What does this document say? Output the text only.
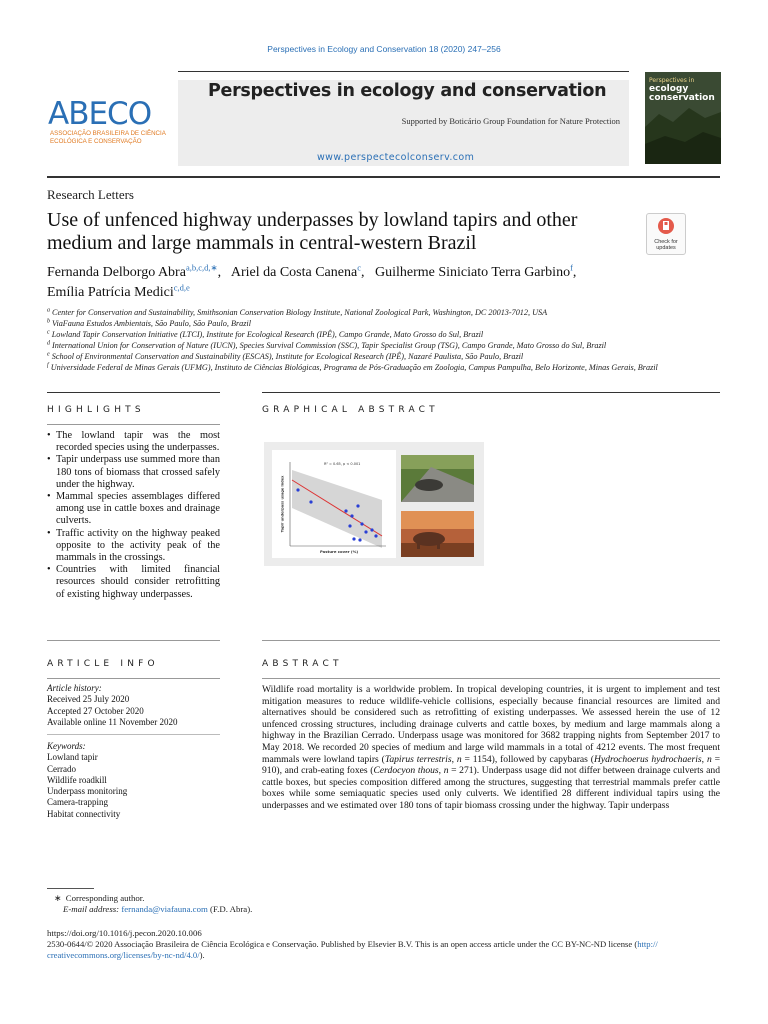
Perspectives in Ecology and Conservation 18 (2020) 247–256
ABECO
ASSOCIAÇÃO BRASILEIRA DE CIÊNCIA
ECOLÓGICA E CONSERVAÇÃO
Perspectives in ecology and conservation
Supported by Boticário Group Foundation for Nature Protection
www.perspectecolconserv.com
Perspectives in
ecology
conservation
Research Letters
Use of unfenced highway underpasses by lowland tapirs and other medium and large mammals in central-western Brazil	Check for
updates
Fernanda Delborgo Abra$^{a,b,c,d,∗}$,   Ariel da Costa Canena$^c$,   Guilherme Siniciato Terra Garbino$^f$,
Emília Patrícia Medici$^{c,d,e}$
$^a$ Center for Conservation and Sustainability, Smithsonian Conservation Biology Institute, National Zoological Park, Washington, DC 20013-7012, USA
$^b$ ViaFauna Estudos Ambientais, São Paulo, São Paulo, Brazil
$^c$ Lowland Tapir Conservation Initiative (LTCI), Institute for Ecological Research (IPÊ), Campo Grande, Mato Grosso do Sul, Brazil
$^d$ International Union for Conservation of Nature (IUCN), Species Survival Commission (SSC), Tapir Specialist Group (TSG), Campo Grande, Mato Grosso do Sul, Brazil
$^e$ School of Environmental Conservation and Sustainability (ESCAS), Institute for Ecological Research (IPÊ), Nazaré Paulista, São Paulo, Brazil
$^f$ Universidade Federal de Minas Gerais (UFMG), Instituto de Ciências Biológicas, Programa de Pós-Graduação em Zoologia, Campus Pampulha, Belo Horizonte, Minas Gerais, Brazil
HIGHLIGHTS	GRAPHICAL ABSTRACT
• The lowland tapir was the most recorded species using the underpasses.
• Tapir underpass use summed more than 180 tons of biomass that crossed safely under the highway.
• Mammal species assemblages differed among use in cattle boxes and drainage culverts.
• Traffic activity on the highway peaked opposite to the activity peak of the mammals in the crossings.
• Countries with limited financial resources should consider retrofitting of existing highway underpasses.
R² = 0.65, p < 0.001
Pasture cover (%)
Tapir underpass usage index
ARTICLE INFO	ABSTRACT
Article history:
Received 25 July 2020
Accepted 27 October 2020
Available online 11 November 2020
Keywords:
Lowland tapir
Cerrado
Wildlife roadkill
Underpass monitoring
Camera-trapping
Habitat connectivity
Wildlife road mortality is a worldwide problem. In tropical developing countries, it is urgent to implement and test mitigation measures to reduce wildlife-vehicle collisions, especially because financial resources are limited and alternatives should be considered such as retrofitting of existing underpasses. We assessed herein the use of 12 unfenced crossing structures, including drainage culverts and cattle boxes, by medium and large mammals along a highway in the Brazilian Cerrado. Underpass usage was monitored for 3682 trapping nights from September 2017 to May 2018. We recorded 20 species of medium and large wild mammals in a total of 4212 events. The most frequent mammals were lowland tapirs (Tapirus terrestris, n = 1154), followed by capybaras (Hydrochoerus hydrochaeris, n = 910), and crab-eating foxes (Cerdocyon thous, n = 271). Underpass usage did not differ between drainage culverts and cattle boxes, but species composition differed among the structures, suggesting that terrestrial mammals prefer cattle boxes while some semiaquatic species used only culverts. We identified 28 different individual tapirs using the underpasses and we estimated over 180 tons of tapir biomass crossing under the highway. Tapir underpass
∗ Corresponding author.
E-mail address: fernanda@viafauna.com (F.D. Abra).
https://doi.org/10.1016/j.pecon.2020.10.006
2530-0644/© 2020 Associação Brasileira de Ciência Ecológica e Conservação. Published by Elsevier B.V. This is an open access article under the CC BY-NC-ND license (http://
creativecommons.org/licenses/by-nc-nd/4.0/).
